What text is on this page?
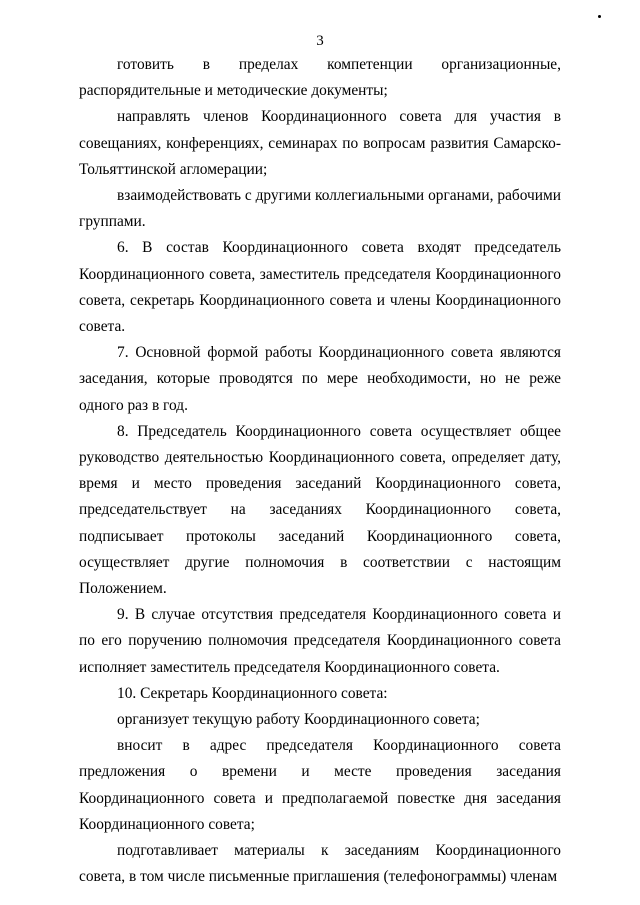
3

готовить в пределах компетенции организационные, распорядительные и методические документы;

направлять членов Координационного совета для участия в совещаниях, конференциях, семинарах по вопросам развития Самарско-Тольяттинской агломерации;

взаимодействовать с другими коллегиальными органами, рабочими группами.

6. В состав Координационного совета входят председатель Координационного совета, заместитель председателя Координационного совета, секретарь Координационного совета и члены Координационного совета.

7. Основной формой работы Координационного совета являются заседания, которые проводятся по мере необходимости, но не реже одного раз в год.

8. Председатель Координационного совета осуществляет общее руководство деятельностью Координационного совета, определяет дату, время и место проведения заседаний Координационного совета, председательствует на заседаниях Координационного совета, подписывает протоколы заседаний Координационного совета, осуществляет другие полномочия в соответствии с настоящим Положением.

9. В случае отсутствия председателя Координационного совета и по его поручению полномочия председателя Координационного совета исполняет заместитель председателя Координационного совета.

10. Секретарь Координационного совета:

организует текущую работу Координационного совета;

вносит в адрес председателя Координационного совета предложения о времени и месте проведения заседания Координационного совета и предполагаемой повестке дня заседания Координационного совета;

подготавливает материалы к заседаниям Координационного совета, в том числе письменные приглашения (телефонограммы) членам
